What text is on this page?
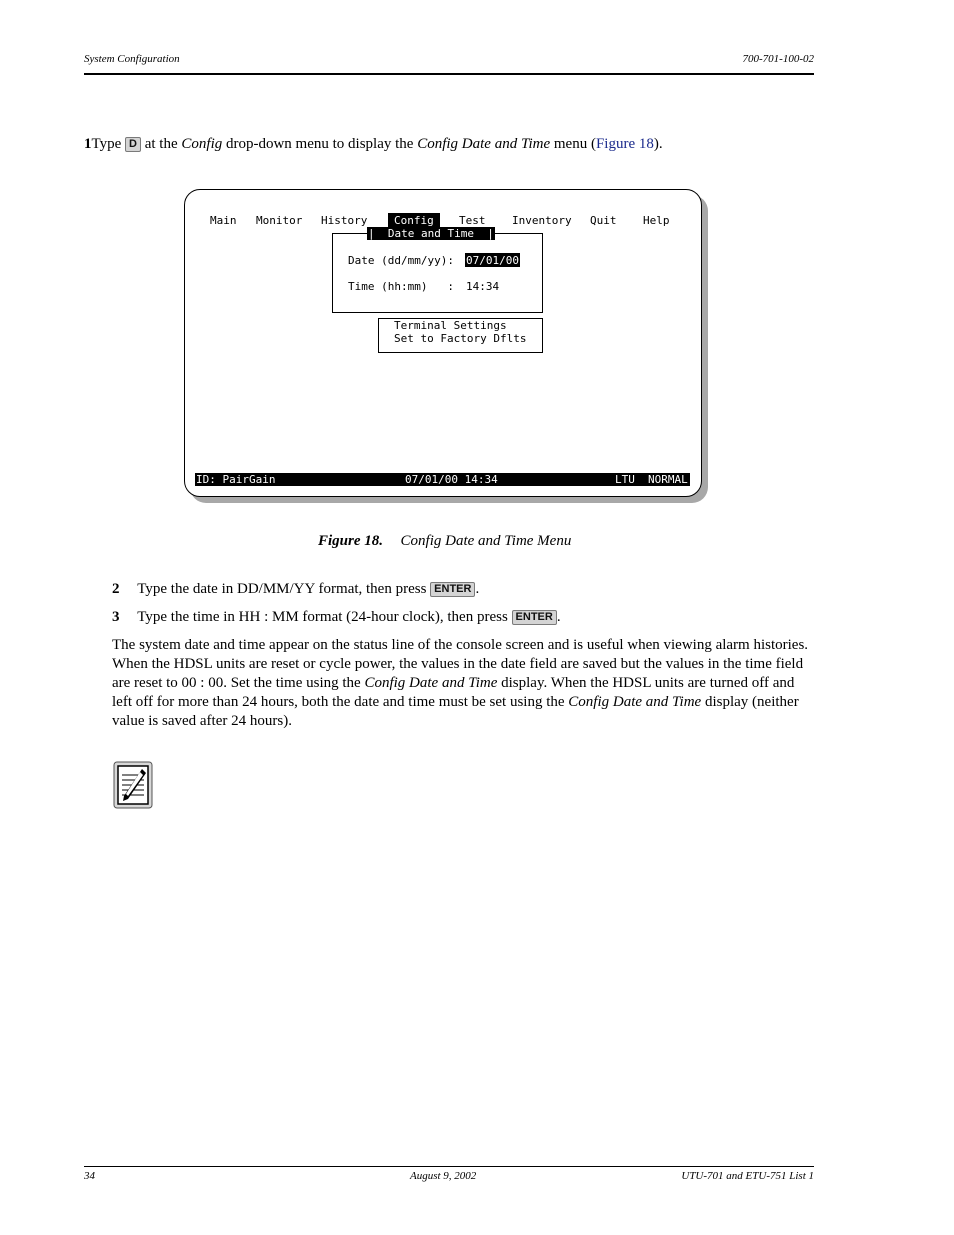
System Configuration	700-701-100-02
1Type D at the Config drop-down menu to display the Config Date and Time menu (Figure 18).
Main Monitor History	Config	Test Inventory Quit Help
|  Date and Time  |
Date (dd/mm/yy): 07/01/00
Time (hh:mm)   : 14:34
Terminal Settings
Set to Factory Dflts

ID: PairGain

	07/01/00 14:34

	LTU

NORMAL

Figure 18. Config Date and Time Menu
2 Type the date in DD/MM/YY format, then press ENTER .
3 Type the time in HH : MM format (24-hour clock), then press ENTER .
The system date and time appear on the status line of the console screen and is useful when viewing alarm histories. When the HDSL units are reset or cycle power, the values in the date field are saved but the values in the time field are reset to 00 : 00. Set the time using the Config Date and Time display. When the HDSL units are turned off and left off for more than 24 hours, both the date and time must be set using the Config Date and Time display (neither value is saved after 24 hours).
34	August 9, 2002	UTU-701 and ETU-751 List 1
